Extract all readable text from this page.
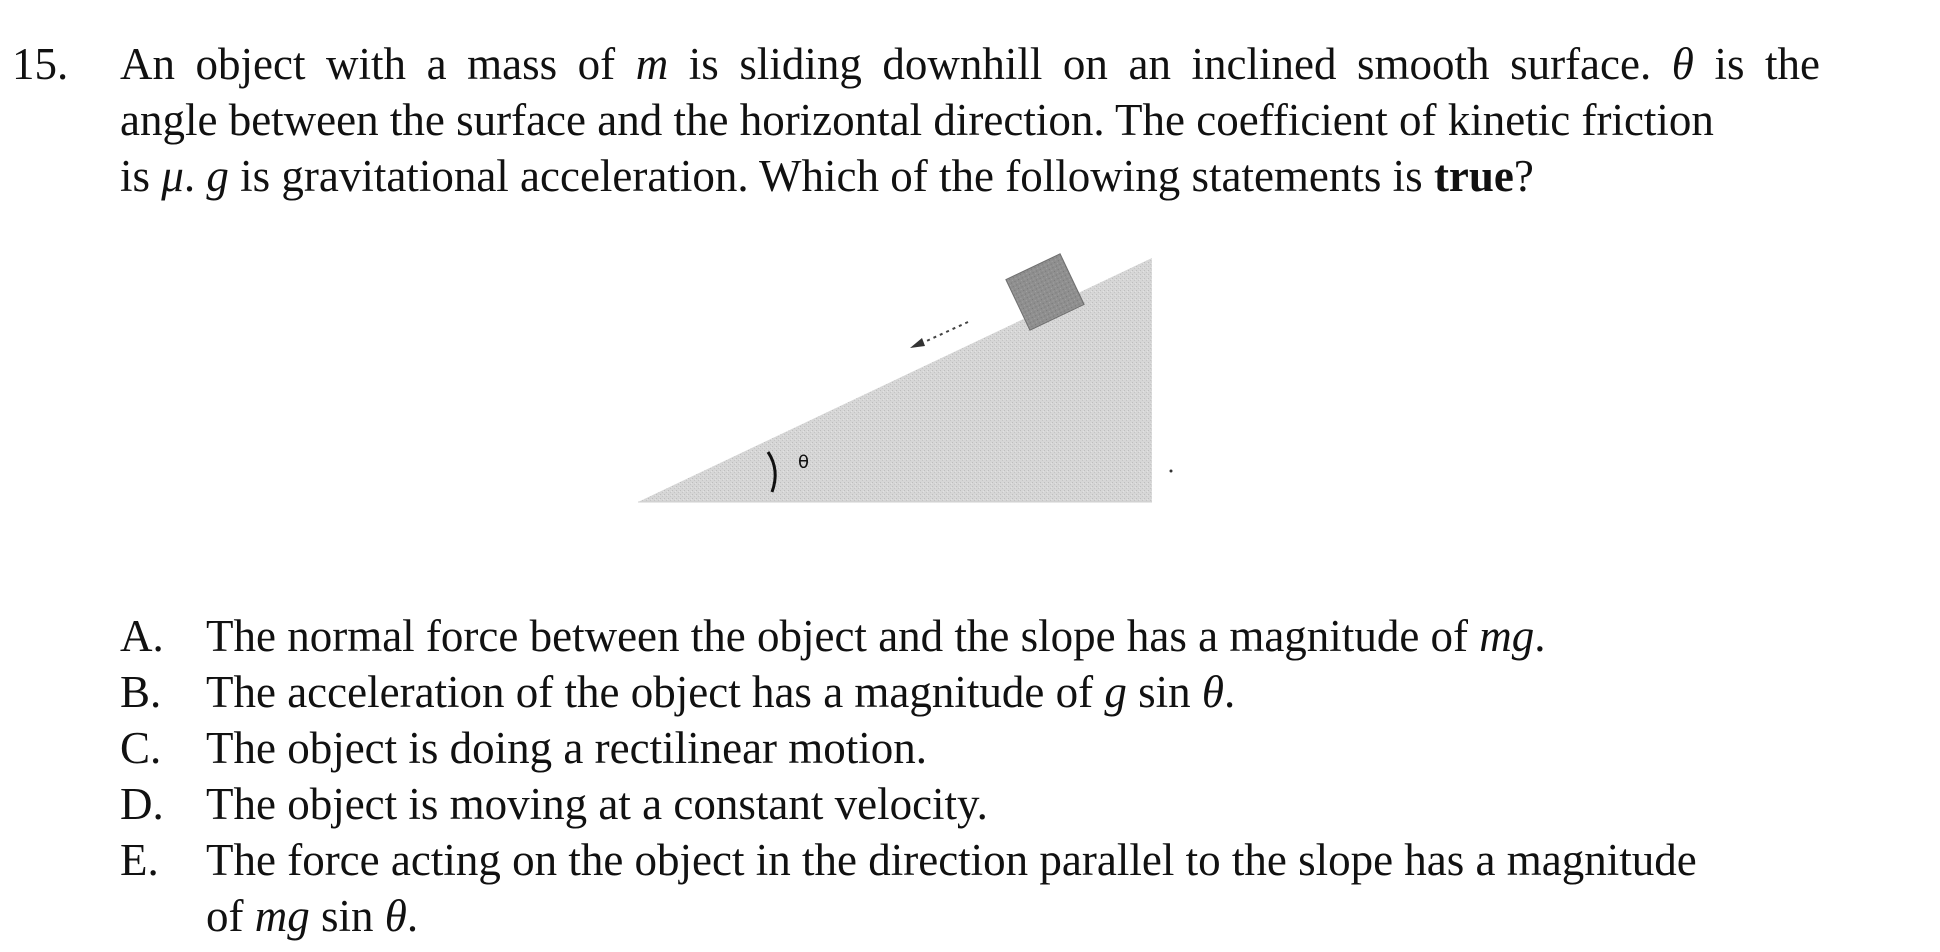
15. An object with a mass of m is sliding downhill on an inclined smooth surface. θ is the
angle between the surface and the horizontal direction. The coefficient of kinetic friction
is μ. g is gravitational acceleration. Which of the following statements is true?
θ
A. The normal force between the object and the slope has a magnitude of mg.
B. The acceleration of the object has a magnitude of g sin θ.
C. The object is doing a rectilinear motion.
D. The object is moving at a constant velocity.
E. The force acting on the object in the direction parallel to the slope has a magnitude
of mg sin θ.
